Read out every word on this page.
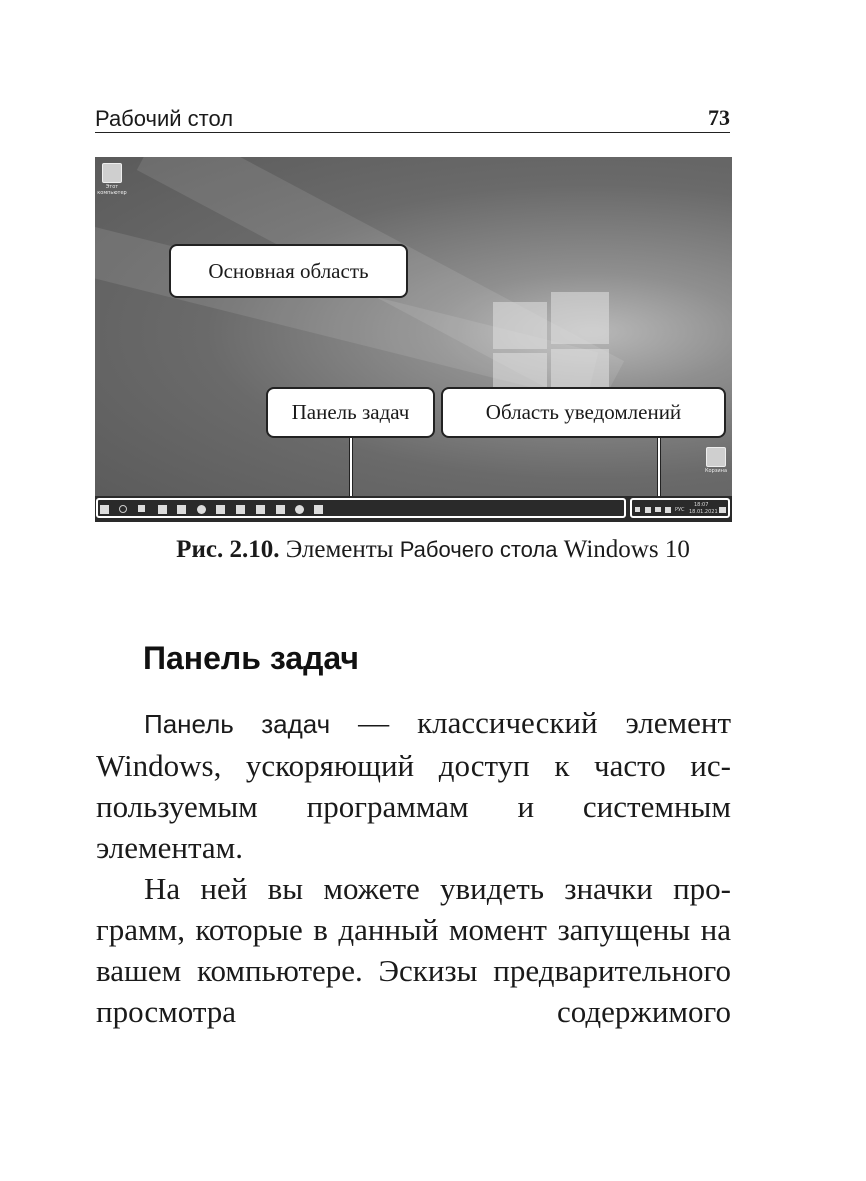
Рабочий стол	73
Этот компьютер
Корзина
Основная область
Панель задач	Область уведомлений
РУС
18:07
18.01.2021
Рис. 2.10. Элементы Рабочего стола Windows 10
Панель задач

Панель задач — классический элемент Windows, ускоряющий доступ к часто используемым программам и системным элементам.

На ней вы можете увидеть значки программ, которые в данный момент запущены на вашем компьютере. Эскизы предварительного просмотра содержимого
